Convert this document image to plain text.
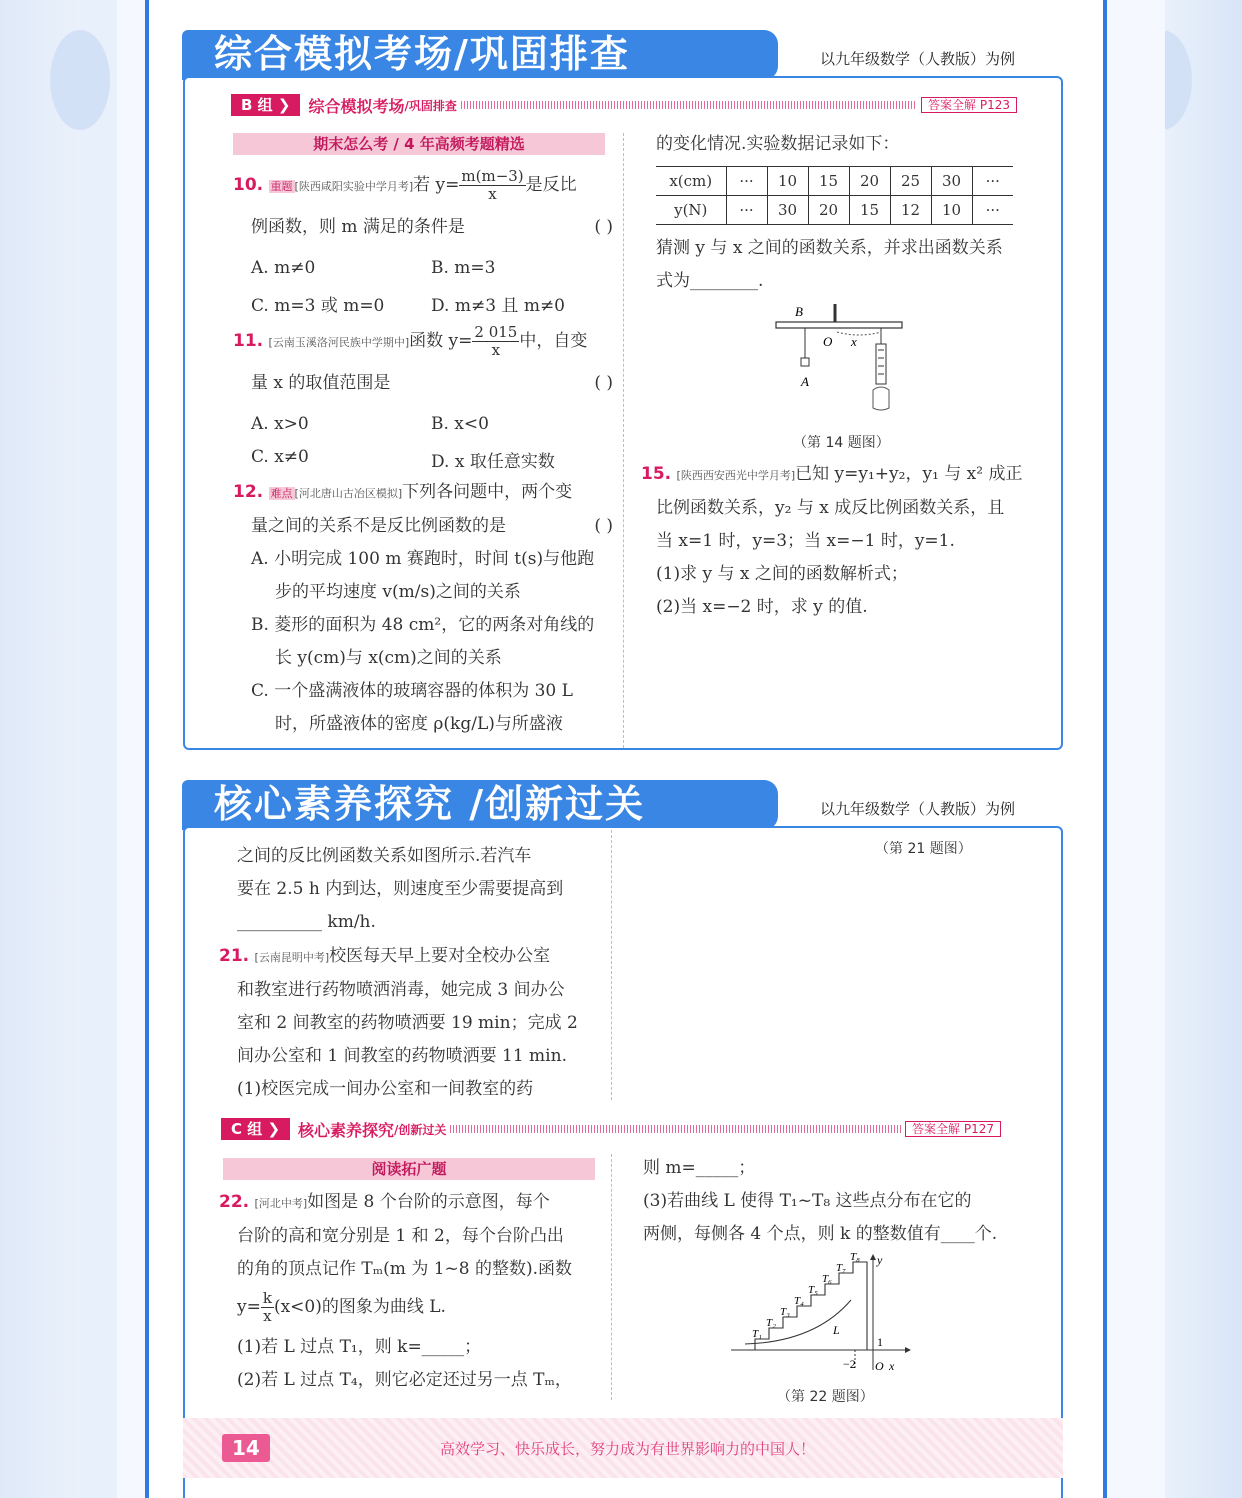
综合模拟考场/巩固排查	以九年级数学（人教版）为例
B 组 ❯	综合模拟考场 /巩固排查	答案全解 P123
期末怎么考 / 4 年高频考题精选
10. 重题 [陕西咸阳实验中学月考]若 $y= \frac{m(m-3)}{x}$ 是反比
例函数，则 m 满足的条件是	( )
A. m≠0	B. m=3
C. m=3 或 m=0	D. m≠3 且 m≠0
11. [云南玉溪洛河民族中学期中]函数 $y= \frac{2 015}{x}$ 中，自变
量 x 的取值范围是	( )
A. x>0	B. x<0
C. x≠0	D. x 取任意实数
12. 难点 [河北唐山古冶区模拟]下列各问题中，两个变
量之间的关系不是反比例函数的是	( )
A. 小明完成 100 m 赛跑时，时间 t(s)与他跑
步的平均速度 v(m/s)之间的关系
B. 菱形的面积为 48 cm²，它的两条对角线的
长 y(cm)与 x(cm)之间的关系
C. 一个盛满液体的玻璃容器的体积为 30 L
时，所盛液体的密度 ρ(kg/L)与所盛液
的变化情况.实验数据记录如下：
x(cm)	···	10	15	20	25	30	···
y(N)	···	30	20	15	12	10	···
猜测 y 与 x 之间的函数关系，并求出函数关系
式为________.
B
O x
A
（第 14 题图）
15. [陕西西安西光中学月考]已知 y=y₁+y₂，y₁ 与 x² 成正
比例函数关系，y₂ 与 x 成反比例函数关系，且
当 x=1 时，y=3；当 x=−1 时，y=1.
(1)求 y 与 x 之间的函数解析式；
(2)当 x=−2 时，求 y 的值.
核心素养探究 /创新过关	以九年级数学（人教版）为例
之间的反比例函数关系如图所示.若汽车
要在 2.5 h 内到达，则速度至少需要提高到
__________ km/h.
21. [云南昆明中考]校医每天早上要对全校办公室
和教室进行药物喷洒消毒，她完成 3 间办公
室和 2 间教室的药物喷洒要 19 min；完成 2
间办公室和 1 间教室的药物喷洒要 11 min.
(1)校医完成一间办公室和一间教室的药
（第 21 题图）
C 组 ❯	核心素养探究 /创新过关	答案全解 P127
阅读拓广题
22. [河北中考]如图是 8 个台阶的示意图，每个
台阶的高和宽分别是 1 和 2，每个台阶凸出
的角的顶点记作 Tₘ(m 为 1~8 的整数).函数
$y= \frac{k}{x} (x<0)$的图象为曲线 L.
(1)若 L 过点 T₁，则 k=_____；
(2)若 L 过点 T₄，则它必定还过另一点 Tₘ，
则 m=_____；
(3)若曲线 L 使得 T₁~T₈ 这些点分布在它的
两侧，每侧各 4 个点，则 k 的整数值有____个.
y
x
O
1
−2
L
T₁
T₂
T₃
T₄
T₅
T₆
T₇
T₈
（第 22 题图）
14	高效学习、快乐成长，努力成为有世界影响力的中国人！
